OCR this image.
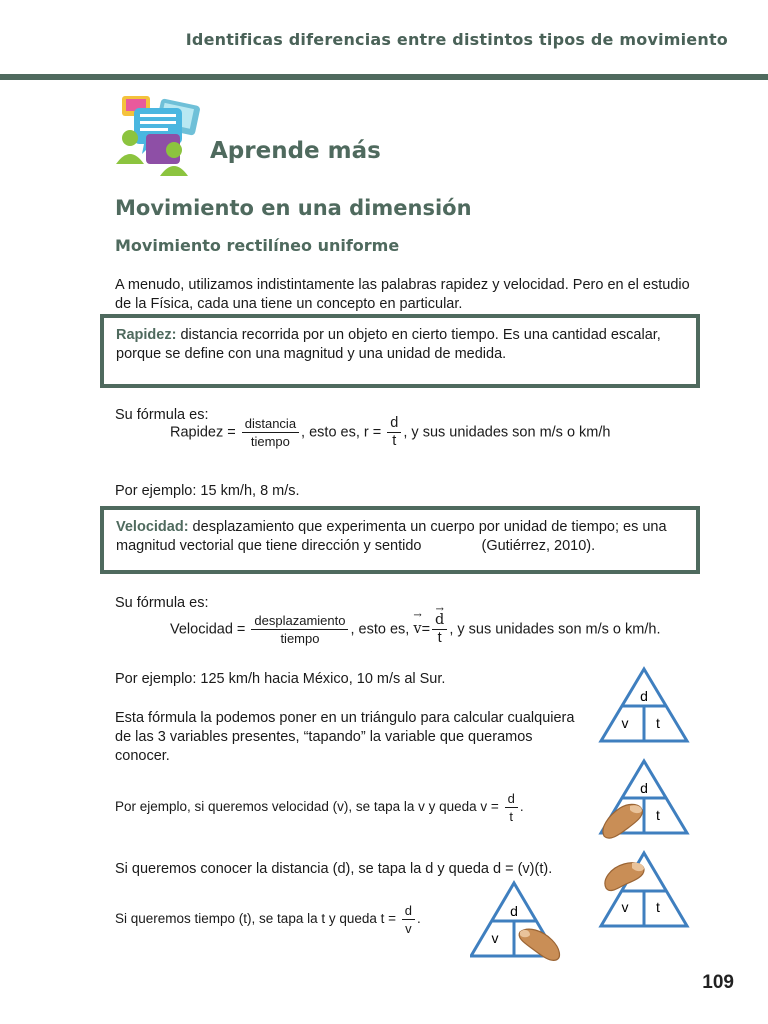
Identificas diferencias entre distintos tipos de movimiento
Aprende más
Movimiento en una dimensión
Movimiento rectilíneo uniforme
A menudo, utilizamos indistintamente las palabras rapidez y velocidad. Pero en el estudio de la Física, cada una tiene un concepto en particular.
Rapidez: distancia recorrida por un objeto en cierto tiempo. Es una cantidad escalar, porque se define con una magnitud y una unidad de medida.
Su fórmula es:
Rapidez = $\frac{\text{distancia}}{\text{tiempo}}$ , esto es, $r = \frac{d}{t}$ , y sus unidades son m/s o km/h
Por ejemplo: 15 km/h, 8 m/s.
Velocidad: desplazamiento que experimenta un cuerpo por unidad de tiempo; es una magnitud vectorial que tiene dirección y sentido	(Gutiérrez, 2010).
Su fórmula es:
Velocidad = $\frac{\text{desplazamiento}}{\text{tiempo}}$ , esto es, → v=
→ $\frac{d}{t}$ , y sus unidades son m/s o km/h.
Por ejemplo: 125 km/h hacia México, 10 m/s al Sur.
Esta fórmula la podemos poner en un triángulo para calcular cualquiera de las 3 variables presentes, “tapando” la variable que queramos conocer.
Por ejemplo, si queremos velocidad (v), se tapa la v y queda $v = \frac{d}{t}$ .
Si queremos conocer la distancia (d), se tapa la d y queda d = (v)(t).
Si queremos tiempo (t), se tapa la t y queda $t = \frac{d}{v}$ .
d
v t
d
t
v t
d
v
109
